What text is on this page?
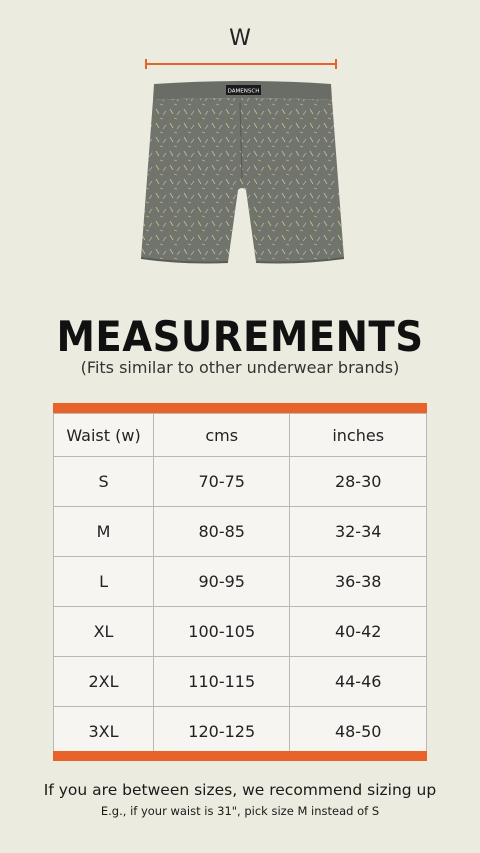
W
DAMENSCH
MEASUREMENTS
(Fits similar to other underwear brands)
Waist (w)	cms	inches
S	70-75	28-30
M	80-85	32-34
L	90-95	36-38
XL	100-105	40-42
2XL	110-115	44-46
3XL	120-125	48-50
If you are between sizes, we recommend sizing up
E.g., if your waist is 31", pick size M instead of S
